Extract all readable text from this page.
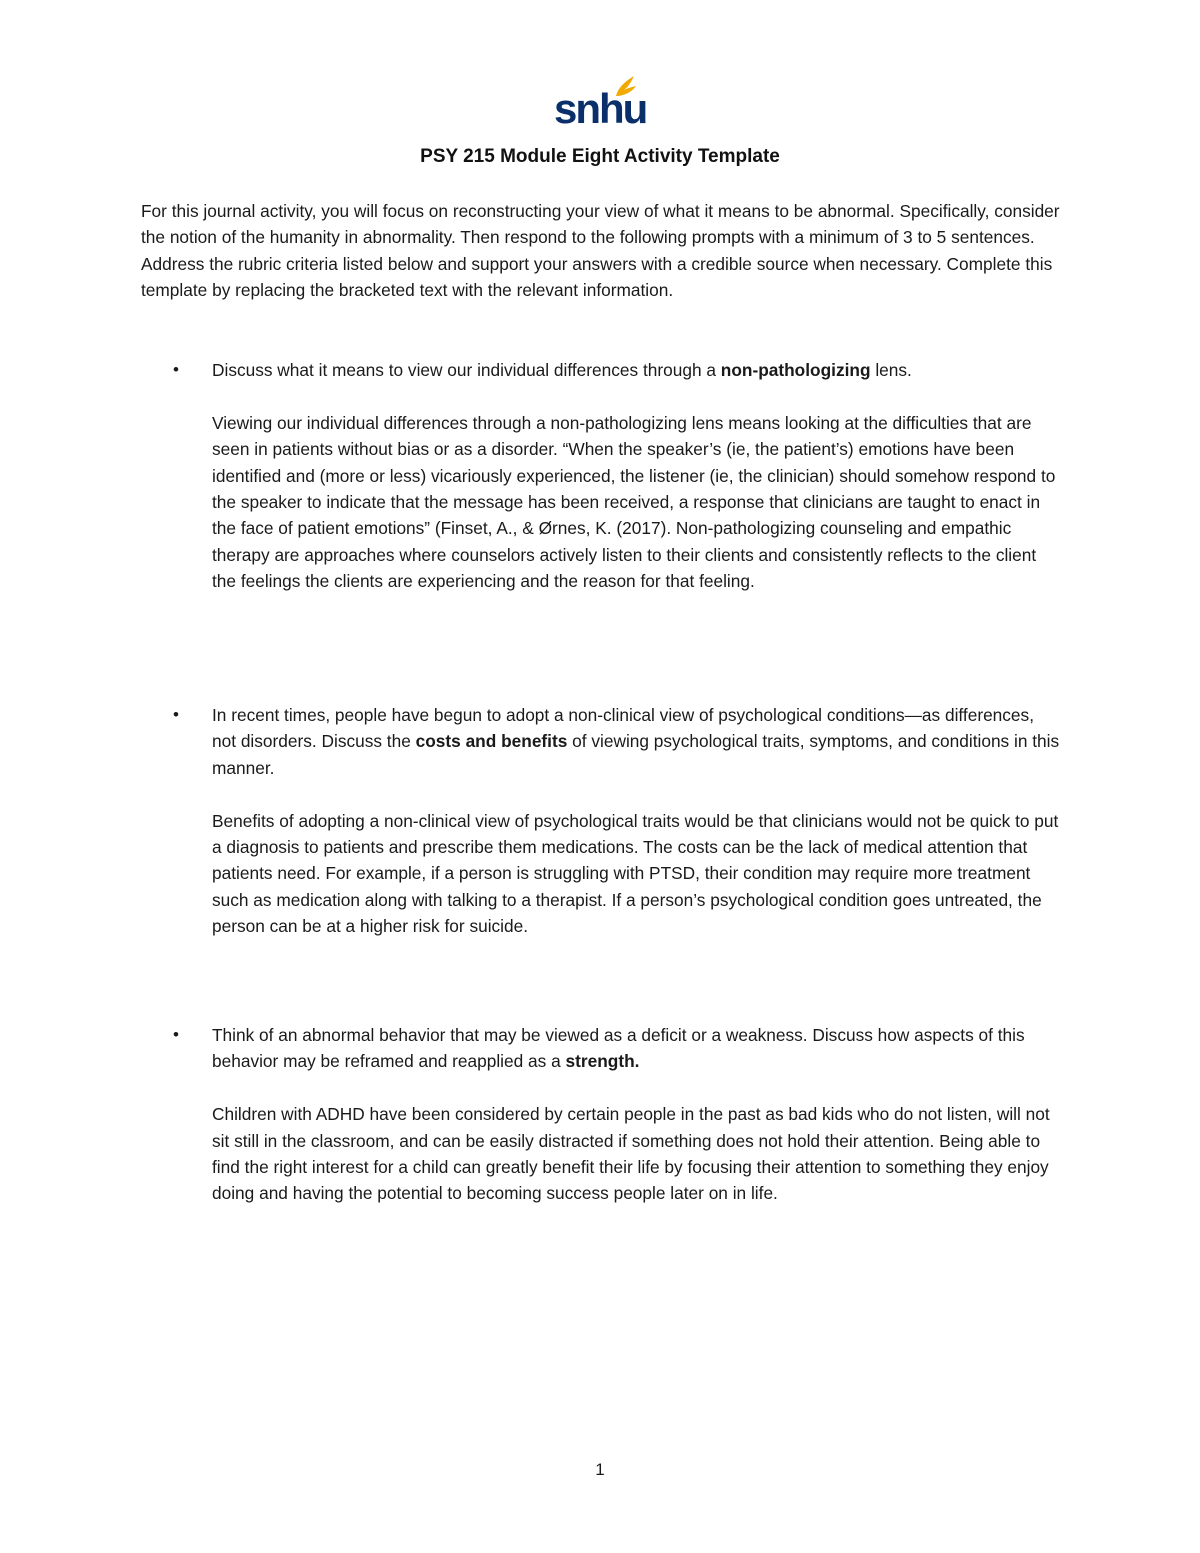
snhu
PSY 215 Module Eight Activity Template

For this journal activity, you will focus on reconstructing your view of what it means to be abnormal. Specifically, consider the notion of the humanity in abnormality. Then respond to the following prompts with a minimum of 3 to 5 sentences. Address the rubric criteria listed below and support your answers with a credible source when necessary. Complete this template by replacing the bracketed text with the relevant information.

•	Discuss what it means to view our individual differences through a non-pathologizing lens.

Viewing our individual differences through a non-pathologizing lens means looking at the difficulties that are seen in patients without bias or as a disorder. “When the speaker’s (ie, the patient’s) emotions have been identified and (more or less) vicariously experienced, the listener (ie, the clinician) should somehow respond to the speaker to indicate that the message has been received, a response that clinicians are taught to enact in the face of patient emotions” (Finset, A., & Ørnes, K. (2017). Non-pathologizing counseling and empathic therapy are approaches where counselors actively listen to their clients and consistently reflects to the client the feelings the clients are experiencing and the reason for that feeling.

•	In recent times, people have begun to adopt a non-clinical view of psychological conditions—as differences, not disorders. Discuss the costs and benefits of viewing psychological traits, symptoms, and conditions in this manner.

Benefits of adopting a non-clinical view of psychological traits would be that clinicians would not be quick to put a diagnosis to patients and prescribe them medications. The costs can be the lack of medical attention that patients need. For example, if a person is struggling with PTSD, their condition may require more treatment such as medication along with talking to a therapist. If a person’s psychological condition goes untreated, the person can be at a higher risk for suicide.

•	Think of an abnormal behavior that may be viewed as a deficit or a weakness. Discuss how aspects of this behavior may be reframed and reapplied as a strength.

Children with ADHD have been considered by certain people in the past as bad kids who do not listen, will not sit still in the classroom, and can be easily distracted if something does not hold their attention. Being able to find the right interest for a child can greatly benefit their life by focusing their attention to something they enjoy doing and having the potential to becoming success people later on in life.

1
